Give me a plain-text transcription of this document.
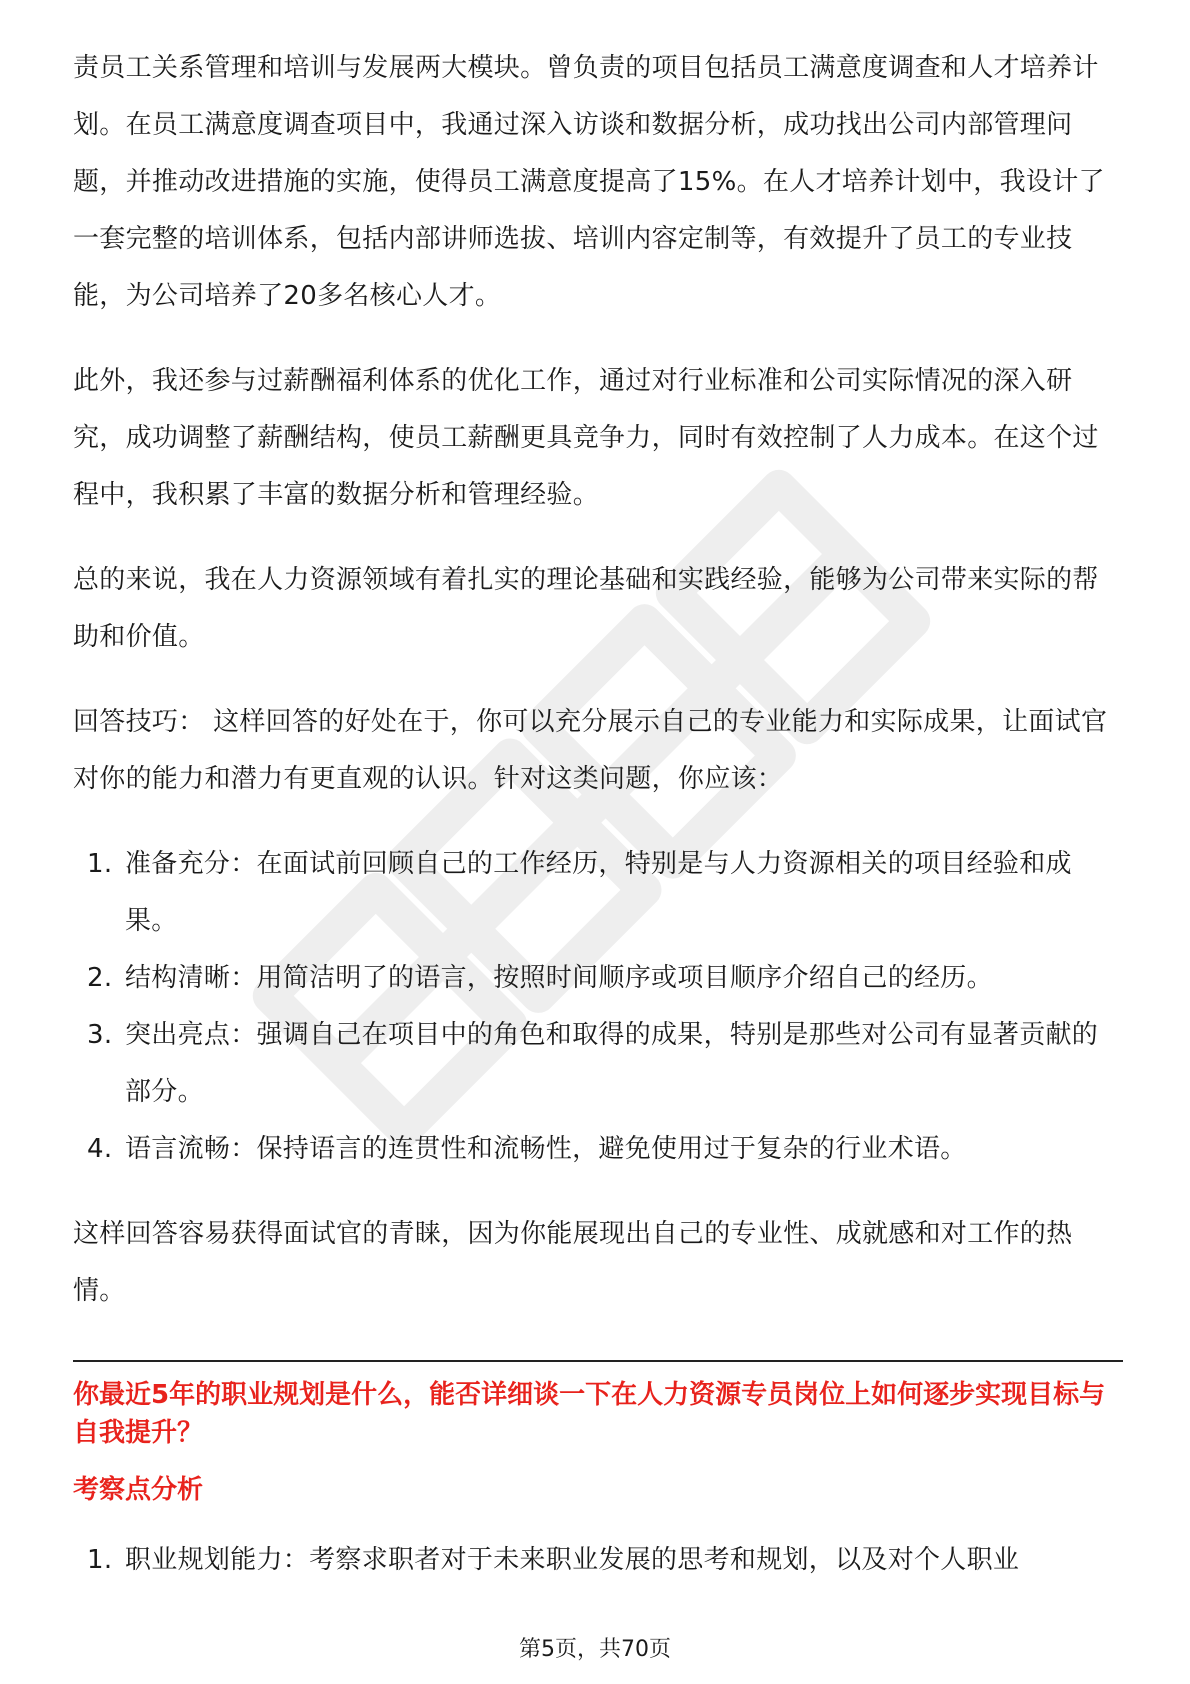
责员工关系管理和培训与发展两大模块。曾负责的项目包括员工满意度调查和人才培养计划。在员工满意度调查项目中，我通过深入访谈和数据分析，成功找出公司内部管理问题，并推动改进措施的实施，使得员工满意度提高了15%。在人才培养计划中，我设计了一套完整的培训体系，包括内部讲师选拔、培训内容定制等，有效提升了员工的专业技能，为公司培养了20多名核心人才。

此外，我还参与过薪酬福利体系的优化工作，通过对行业标准和公司实际情况的深入研究，成功调整了薪酬结构，使员工薪酬更具竞争力，同时有效控制了人力成本。在这个过程中，我积累了丰富的数据分析和管理经验。

总的来说，我在人力资源领域有着扎实的理论基础和实践经验，能够为公司带来实际的帮助和价值。

回答技巧： 这样回答的好处在于，你可以充分展示自己的专业能力和实际成果，让面试官对你的能力和潜力有更直观的认识。针对这类问题，你应该：

1. 准备充分：在面试前回顾自己的工作经历，特别是与人力资源相关的项目经验和成果。
2. 结构清晰：用简洁明了的语言，按照时间顺序或项目顺序介绍自己的经历。
3. 突出亮点：强调自己在项目中的角色和取得的成果，特别是那些对公司有显著贡献的部分。
4. 语言流畅：保持语言的连贯性和流畅性，避免使用过于复杂的行业术语。

这样回答容易获得面试官的青睐，因为你能展现出自己的专业性、成就感和对工作的热情。

你最近5年的职业规划是什么，能否详细谈一下在人力资源专员岗位上如何逐步实现目标与自我提升？
考察点分析
1. 职业规划能力：考察求职者对于未来职业发展的思考和规划，以及对个人职业
第5页，共70页
